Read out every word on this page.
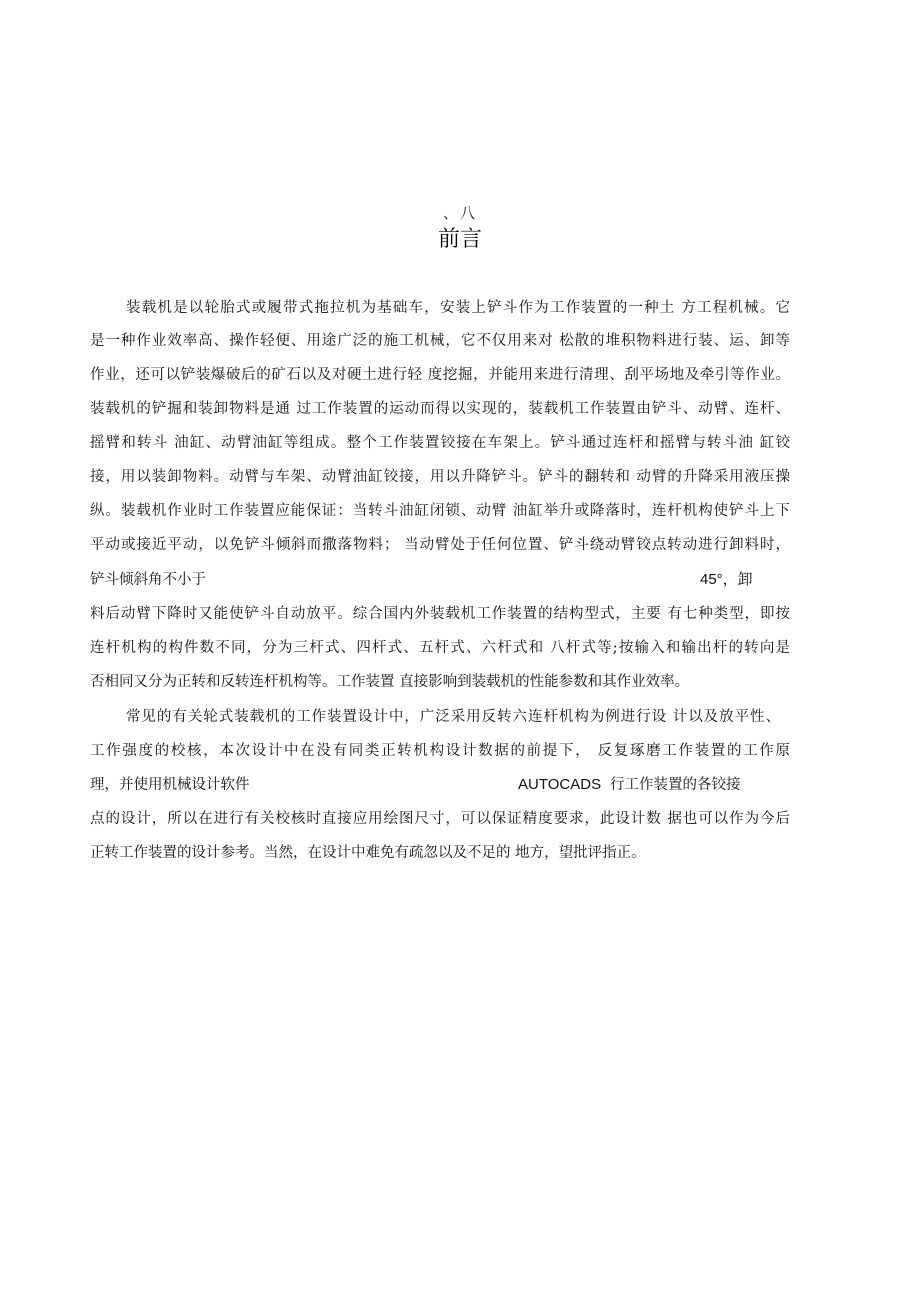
、八
前言
装载机是以轮胎式或履带式拖拉机为基础车，安装上铲斗作为工作装置的一种土 方工程机械。它
是一种作业效率高、操作轻便、用途广泛的施工机械，它不仅用来对 松散的堆积物料进行装、运、卸等
作业，还可以铲装爆破后的矿石以及对硬土进行轻 度挖掘，并能用来进行清理、刮平场地及牵引等作业。
装载机的铲掘和装卸物料是通 过工作装置的运动而得以实现的，装载机工作装置由铲斗、动臂、连杆、
摇臂和转斗 油缸、动臂油缸等组成。整个工作装置铰接在车架上。铲斗通过连杆和摇臂与转斗油 缸铰
接，用以装卸物料。动臂与车架、动臂油缸铰接，用以升降铲斗。铲斗的翻转和 动臂的升降采用液压操
纵。装载机作业时工作装置应能保证：当转斗油缸闭锁、动臂 油缸举升或降落时，连杆机构使铲斗上下
平动或接近平动，以免铲斗倾斜而撒落物料； 当动臂处于任何位置、铲斗绕动臂铰点转动进行卸料时，
铲斗倾斜角不小于	45°，卸
料后动臂下降时又能使铲斗自动放平。综合国内外装载机工作装置的结构型式，主要 有七种类型，即按
连杆机构的构件数不同，分为三杆式、四杆式、五杆式、六杆式和 八杆式等;按输入和输出杆的转向是
否相同又分为正转和反转连杆机构等。工作装置 直接影响到装载机的性能参数和其作业效率。
常见的有关轮式装载机的工作装置设计中，广泛采用反转六连杆机构为例进行设 计以及放平性、
工作强度的校核，本次设计中在没有同类正转机构设计数据的前提下， 反复琢磨工作装置的工作原
理，并使用机械设计软件	AUTOCADS 行工作装置的各铰接
点的设计，所以在进行有关校核时直接应用绘图尺寸，可以保证精度要求，此设计数 据也可以作为今后
正转工作装置的设计参考。当然，在设计中难免有疏忽以及不足的 地方，望批评指正。
